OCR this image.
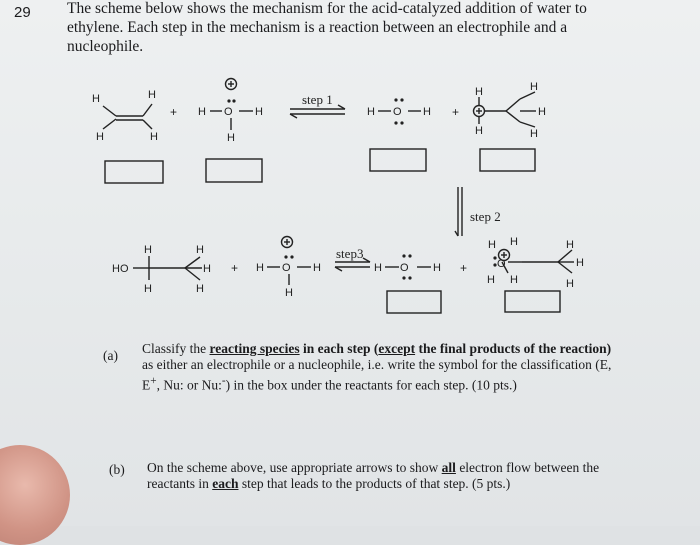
29 The scheme below shows the mechanism for the acid-catalyzed addition of water to ethylene. Each step in the mechanism is a reaction between an electrophile and a nucleophile.
H
H
H
H
H O H
H
H O H
H
H
H
H
H
HO
H
H
H
H
H
H O H
H
H O H
H H
O
H H
H
H
H
+	+
+	+
step 1
step 2
step3
(a) Classify the reacting species in each step (except the final products of the reaction) as either an electrophile or a nucleophile, i.e. write the symbol for the classification (E, E+, Nu: or Nu:-) in the box under the reactants for each step. (10 pts.)
(b) On the scheme above, use appropriate arrows to show all electron flow between the reactants in each step that leads to the products of that step. (5 pts.)
